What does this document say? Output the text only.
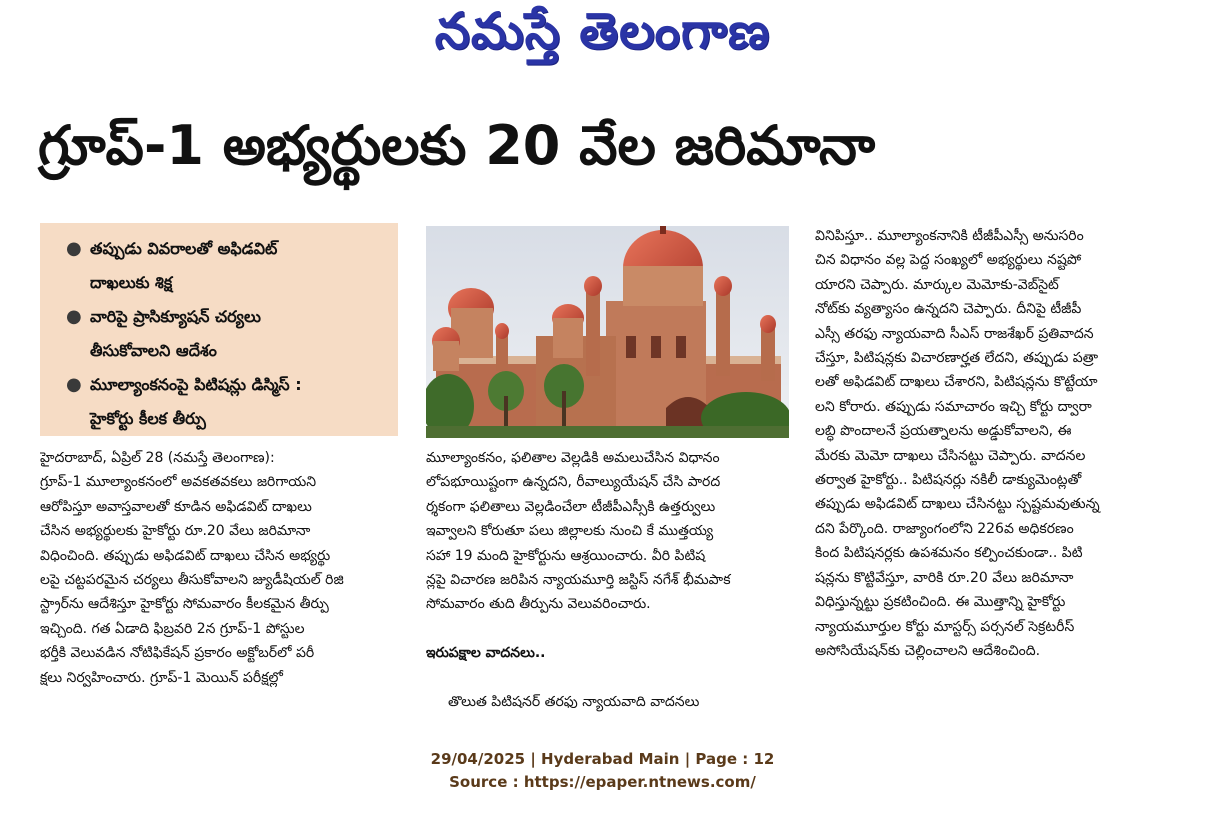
నమస్తే తెలంగాణ
గ్రూప్-1 అభ్యర్థులకు 20 వేల జరిమానా
● తప్పుడు వివరాలతో అఫిడవిట్
దాఖలుకు శిక్ష
● వారిపై ప్రాసిక్యూషన్ చర్యలు
తీసుకోవాలని ఆదేశం
● మూల్యాంకనంపై పిటిషన్లు డిస్మిస్ :
హైకోర్టు కీలక తీర్పు
హైదరాబాద్, ఏప్రిల్ 28 (నమస్తే తెలంగాణ):
గ్రూప్-1 మూల్యాంకనంలో అవకతవకలు జరిగాయని
ఆరోపిస్తూ అవాస్తవాలతో కూడిన అఫిడవిట్ దాఖలు
చేసిన అభ్యర్థులకు హైకోర్టు రూ.20 వేలు జరిమానా
విధించింది. తప్పుడు అఫిడవిట్ దాఖలు చేసిన అభ్యర్థు
లపై చట్టపరమైన చర్యలు తీసుకోవాలని జ్యుడీషియల్ రిజి
స్ట్రార్‌ను ఆదేశిస్తూ హైకోర్టు సోమవారం కీలకమైన తీర్పు
ఇచ్చింది. గత ఏడాది ఫిబ్రవరి 2న గ్రూప్-1 పోస్టుల
భర్తీకి వెలువడిన నోటిఫికేషన్ ప్రకారం అక్టోబర్‌లో పరీ
క్షలు నిర్వహించారు. గ్రూప్-1 మెయిన్ పరీక్షల్లో
మూల్యాంకనం, ఫలితాల వెల్లడికి అమలుచేసిన విధానం
లోపభూయిష్టంగా ఉన్నదని, రీవాల్యుయేషన్ చేసి పారద
ర్శకంగా ఫలితాలు వెల్లడించేలా టీజీపీఎస్సీకి ఉత్తర్వులు
ఇవ్వాలని కోరుతూ పలు జిల్లాలకు నుంచి కే ముత్తయ్య
సహా 19 మంది హైకోర్టును ఆశ్రయించారు. వీరి పిటిష
న్లపై విచారణ జరిపిన న్యాయమూర్తి జస్టిస్ నగేశ్ భీమపాక
సోమవారం తుది తీర్పును వెలువరించారు.

ఇరుపక్షాల వాదనలు..

తొలుత పిటిషనర్ తరఫు న్యాయవాది వాదనలు
వినిపిస్తూ.. మూల్యాంకనానికి టీజీపీఎస్సీ అనుసరిం
చిన విధానం వల్ల పెద్ద సంఖ్యలో అభ్యర్థులు నష్టపో
యారని చెప్పారు. మార్కుల మెమోకు-వెబ్‌సైట్
నోట్‌కు వ్యత్యాసం ఉన్నదని చెప్పారు. దీనిపై టీజీపీ
ఎస్సీ తరఫు న్యాయవాది సీఎస్ రాజశేఖర్ ప్రతివాదన
చేస్తూ, పిటిషన్లకు విచారణార్హత లేదని, తప్పుడు పత్రా
లతో అఫిడవిట్ దాఖలు చేశారని, పిటిషన్లను కొట్టేయా
లని కోరారు. తప్పుడు సమాచారం ఇచ్చి కోర్టు ద్వారా
లబ్ధి పొందాలనే ప్రయత్నాలను అడ్డుకోవాలని, ఈ
మేరకు మెమో దాఖలు చేసినట్టు చెప్పారు. వాదనల
తర్వాత హైకోర్టు.. పిటిషనర్లు నకిలీ డాక్యుమెంట్లతో
తప్పుడు అఫిడవిట్ దాఖలు చేసినట్టు స్పష్టమవుతున్న
దని పేర్కొంది. రాజ్యాంగంలోని 226వ అధికరణం
కింద పిటిషనర్లకు ఉపశమనం కల్పించకుండా.. పిటి
షన్లను కొట్టివేస్తూ, వారికి రూ.20 వేలు జరిమానా
విధిస్తున్నట్టు ప్రకటించింది. ఈ మొత్తాన్ని హైకోర్టు
న్యాయమూర్తుల కోర్టు మాస్టర్స్ పర్సనల్ సెక్రటరీస్
అసోసియేషన్‌కు చెల్లించాలని ఆదేశించింది.
29/04/2025 | Hyderabad Main | Page : 12
Source : https://epaper.ntnews.com/
